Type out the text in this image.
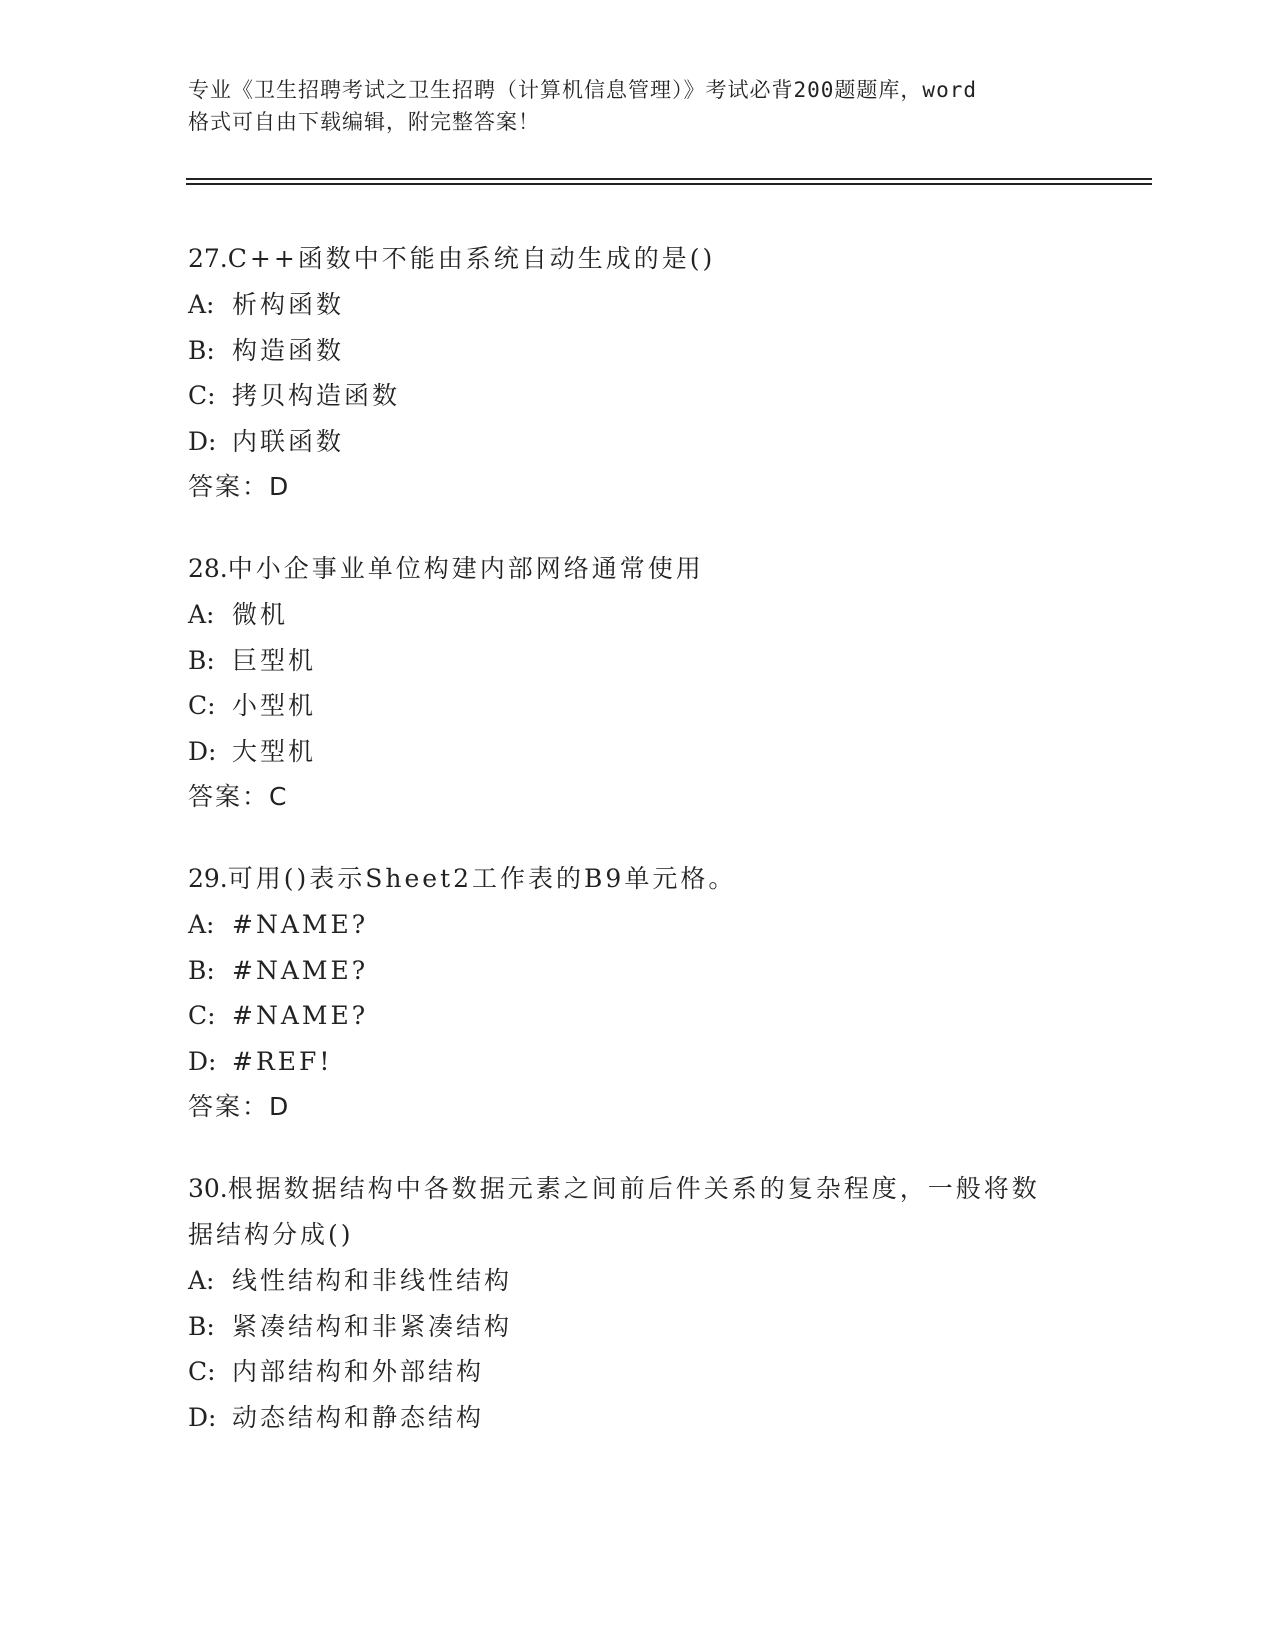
专业《卫生招聘考试之卫生招聘（计算机信息管理）》考试必背200题题库，word
格式可自由下载编辑，附完整答案！
27.C++函数中不能由系统自动生成的是()
A: 析构函数
B: 构造函数
C: 拷贝构造函数
D: 内联函数
答案：D
28.中小企事业单位构建内部网络通常使用
A: 微机
B: 巨型机
C: 小型机
D: 大型机
答案：C
29.可用()表示Sheet2工作表的B9单元格。
A: #NAME?
B: #NAME?
C: #NAME?
D: #REF!
答案：D
30.根据数据结构中各数据元素之间前后件关系的复杂程度，一般将数
据结构分成()
A: 线性结构和非线性结构
B: 紧凑结构和非紧凑结构
C: 内部结构和外部结构
D: 动态结构和静态结构
